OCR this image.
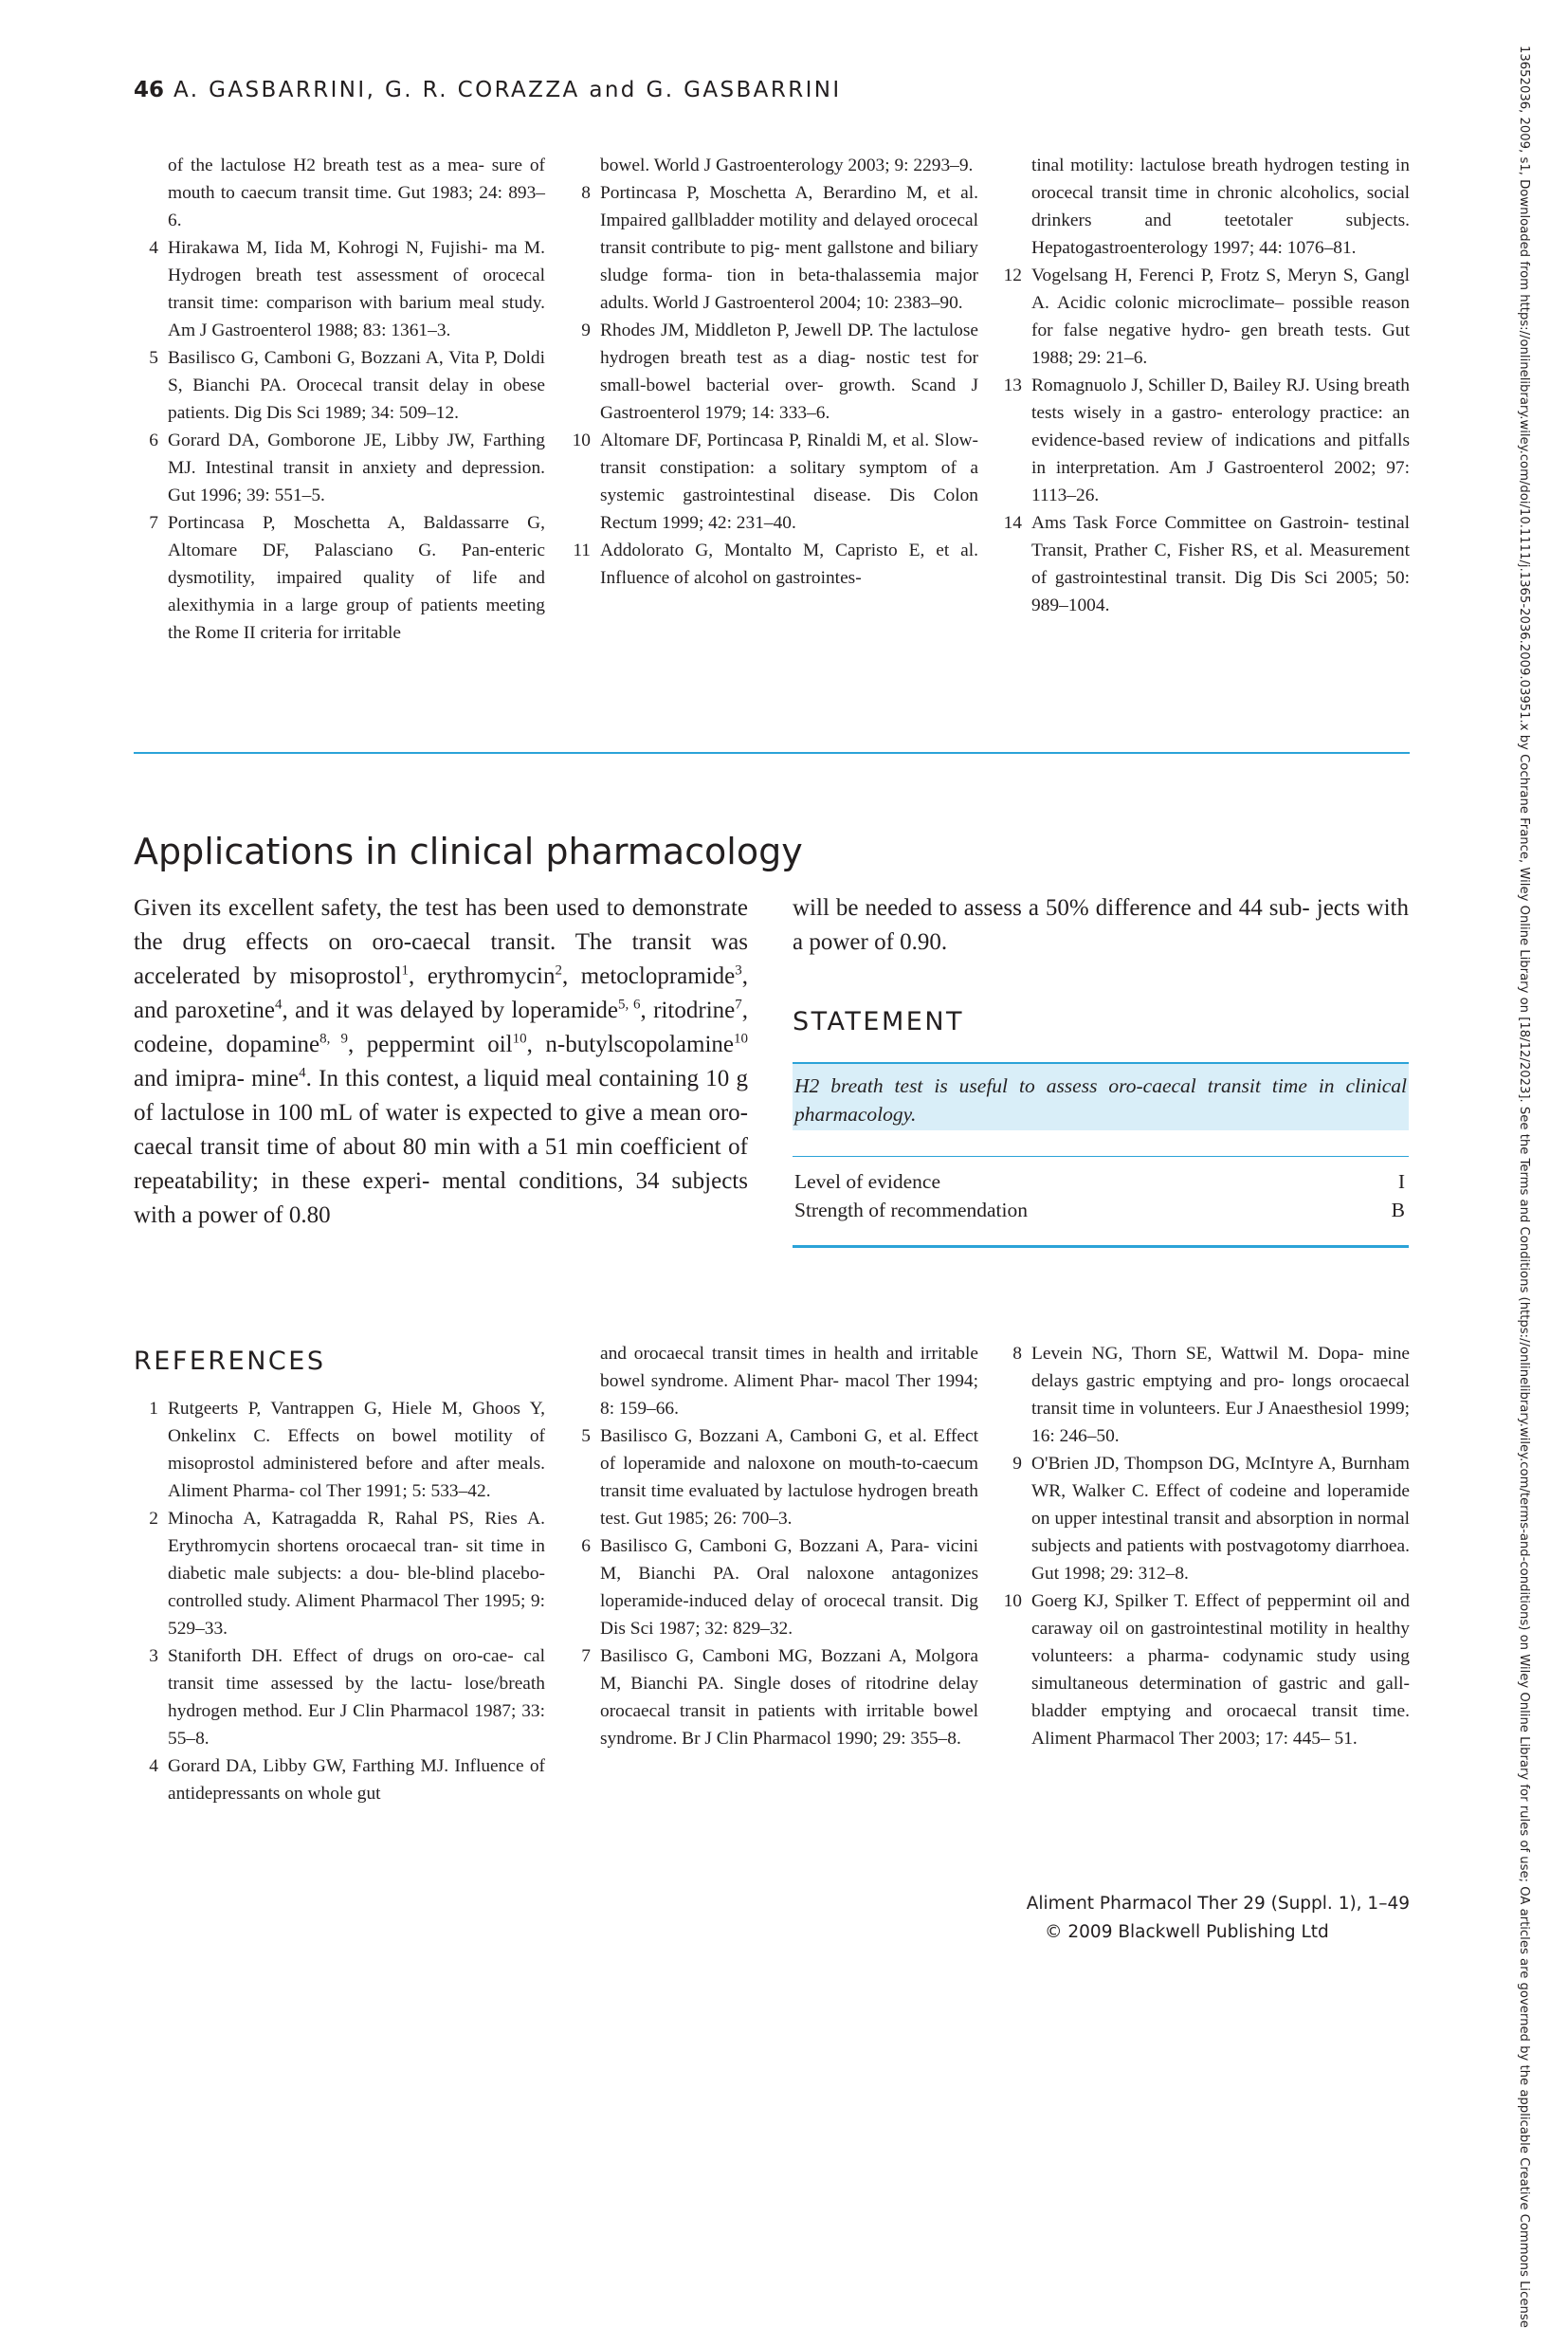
46 A. GASBARRINI, G. R. CORAZZA and G. GASBARRINI
of the lactulose H2 breath test as a mea- sure of mouth to caecum transit time. Gut 1983; 24: 893–6.
4 Hirakawa M, Iida M, Kohrogi N, Fujishi- ma M. Hydrogen breath test assessment of orocecal transit time: comparison with barium meal study. Am J Gastroenterol 1988; 83: 1361–3.
5 Basilisco G, Camboni G, Bozzani A, Vita P, Doldi S, Bianchi PA. Orocecal transit delay in obese patients. Dig Dis Sci 1989; 34: 509–12.
6 Gorard DA, Gomborone JE, Libby JW, Farthing MJ. Intestinal transit in anxiety and depression. Gut 1996; 39: 551–5.
7 Portincasa P, Moschetta A, Baldassarre G, Altomare DF, Palasciano G. Pan-enteric dysmotility, impaired quality of life and alexithymia in a large group of patients meeting the Rome II criteria for irritable
bowel. World J Gastroenterology 2003; 9: 2293–9.
8 Portincasa P, Moschetta A, Berardino M, et al. Impaired gallbladder motility and delayed orocecal transit contribute to pig- ment gallstone and biliary sludge forma- tion in beta-thalassemia major adults. World J Gastroenterol 2004; 10: 2383–90.
9 Rhodes JM, Middleton P, Jewell DP. The lactulose hydrogen breath test as a diag- nostic test for small-bowel bacterial over- growth. Scand J Gastroenterol 1979; 14: 333–6.
10 Altomare DF, Portincasa P, Rinaldi M, et al. Slow-transit constipation: a solitary symptom of a systemic gastrointestinal disease. Dis Colon Rectum 1999; 42: 231–40.
11 Addolorato G, Montalto M, Capristo E, et al. Influence of alcohol on gastrointes-
tinal motility: lactulose breath hydrogen testing in orocecal transit time in chronic alcoholics, social drinkers and teetotaler subjects. Hepatogastroenterology 1997; 44: 1076–81.
12 Vogelsang H, Ferenci P, Frotz S, Meryn S, Gangl A. Acidic colonic microclimate– possible reason for false negative hydro- gen breath tests. Gut 1988; 29: 21–6.
13 Romagnuolo J, Schiller D, Bailey RJ. Using breath tests wisely in a gastro- enterology practice: an evidence-based review of indications and pitfalls in interpretation. Am J Gastroenterol 2002; 97: 1113–26.
14 Ams Task Force Committee on Gastroin- testinal Transit, Prather C, Fisher RS, et al. Measurement of gastrointestinal transit. Dig Dis Sci 2005; 50: 989–1004.
Applications in clinical pharmacology
Given its excellent safety, the test has been used to demonstrate the drug effects on oro-caecal transit. The transit was accelerated by misoprostol$^1$, erythromycin$^2$, metoclopramide$^3$, and paroxetine$^4$, and it was delayed by loperamide$^{5, 6}$, ritodrine$^7$, codeine, dopamine$^{8, 9}$, peppermint oil$^{10}$, n-butylscopolamine$^{10}$ and imipra- mine$^4$. In this contest, a liquid meal containing 10 g of lactulose in 100 mL of water is expected to give a mean oro-caecal transit time of about 80 min with a 51 min coefficient of repeatability; in these experi- mental conditions, 34 subjects with a power of 0.80
will be needed to assess a 50% difference and 44 sub- jects with a power of 0.90.
STATEMENT
H2 breath test is useful to assess oro-caecal transit time in clinical pharmacology.
Level of evidence	I
Strength of recommendation	B
REFERENCES
1 Rutgeerts P, Vantrappen G, Hiele M, Ghoos Y, Onkelinx C. Effects on bowel motility of misoprostol administered before and after meals. Aliment Pharma- col Ther 1991; 5: 533–42.
2 Minocha A, Katragadda R, Rahal PS, Ries A. Erythromycin shortens orocaecal tran- sit time in diabetic male subjects: a dou- ble-blind placebo-controlled study. Aliment Pharmacol Ther 1995; 9: 529–33.
3 Staniforth DH. Effect of drugs on oro-cae- cal transit time assessed by the lactu- lose/breath hydrogen method. Eur J Clin Pharmacol 1987; 33: 55–8.
4 Gorard DA, Libby GW, Farthing MJ. Influence of antidepressants on whole gut
and orocaecal transit times in health and irritable bowel syndrome. Aliment Phar- macol Ther 1994; 8: 159–66.
5 Basilisco G, Bozzani A, Camboni G, et al. Effect of loperamide and naloxone on mouth-to-caecum transit time evaluated by lactulose hydrogen breath test. Gut 1985; 26: 700–3.
6 Basilisco G, Camboni G, Bozzani A, Para- vicini M, Bianchi PA. Oral naloxone antagonizes loperamide-induced delay of orocecal transit. Dig Dis Sci 1987; 32: 829–32.
7 Basilisco G, Camboni MG, Bozzani A, Molgora M, Bianchi PA. Single doses of ritodrine delay orocaecal transit in patients with irritable bowel syndrome. Br J Clin Pharmacol 1990; 29: 355–8.
8 Levein NG, Thorn SE, Wattwil M. Dopa- mine delays gastric emptying and pro- longs orocaecal transit time in volunteers. Eur J Anaesthesiol 1999; 16: 246–50.
9 O'Brien JD, Thompson DG, McIntyre A, Burnham WR, Walker C. Effect of codeine and loperamide on upper intestinal transit and absorption in normal subjects and patients with postvagotomy diarrhoea. Gut 1998; 29: 312–8.
10 Goerg KJ, Spilker T. Effect of peppermint oil and caraway oil on gastrointestinal motility in healthy volunteers: a pharma- codynamic study using simultaneous determination of gastric and gall-bladder emptying and orocaecal transit time. Aliment Pharmacol Ther 2003; 17: 445– 51.
Aliment Pharmacol Ther 29 (Suppl. 1), 1–49
© 2009 Blackwell Publishing Ltd	13652036, 2009, s1, Downloaded from https://onlinelibrary.wiley.com/doi/10.1111/j.1365-2036.2009.03951.x by Cochrane France, Wiley Online Library on [18/12/2023]. See the Terms and Conditions (https://onlinelibrary.wiley.com/terms-and-conditions) on Wiley Online Library for rules of use; OA articles are governed by the applicable Creative Commons License
